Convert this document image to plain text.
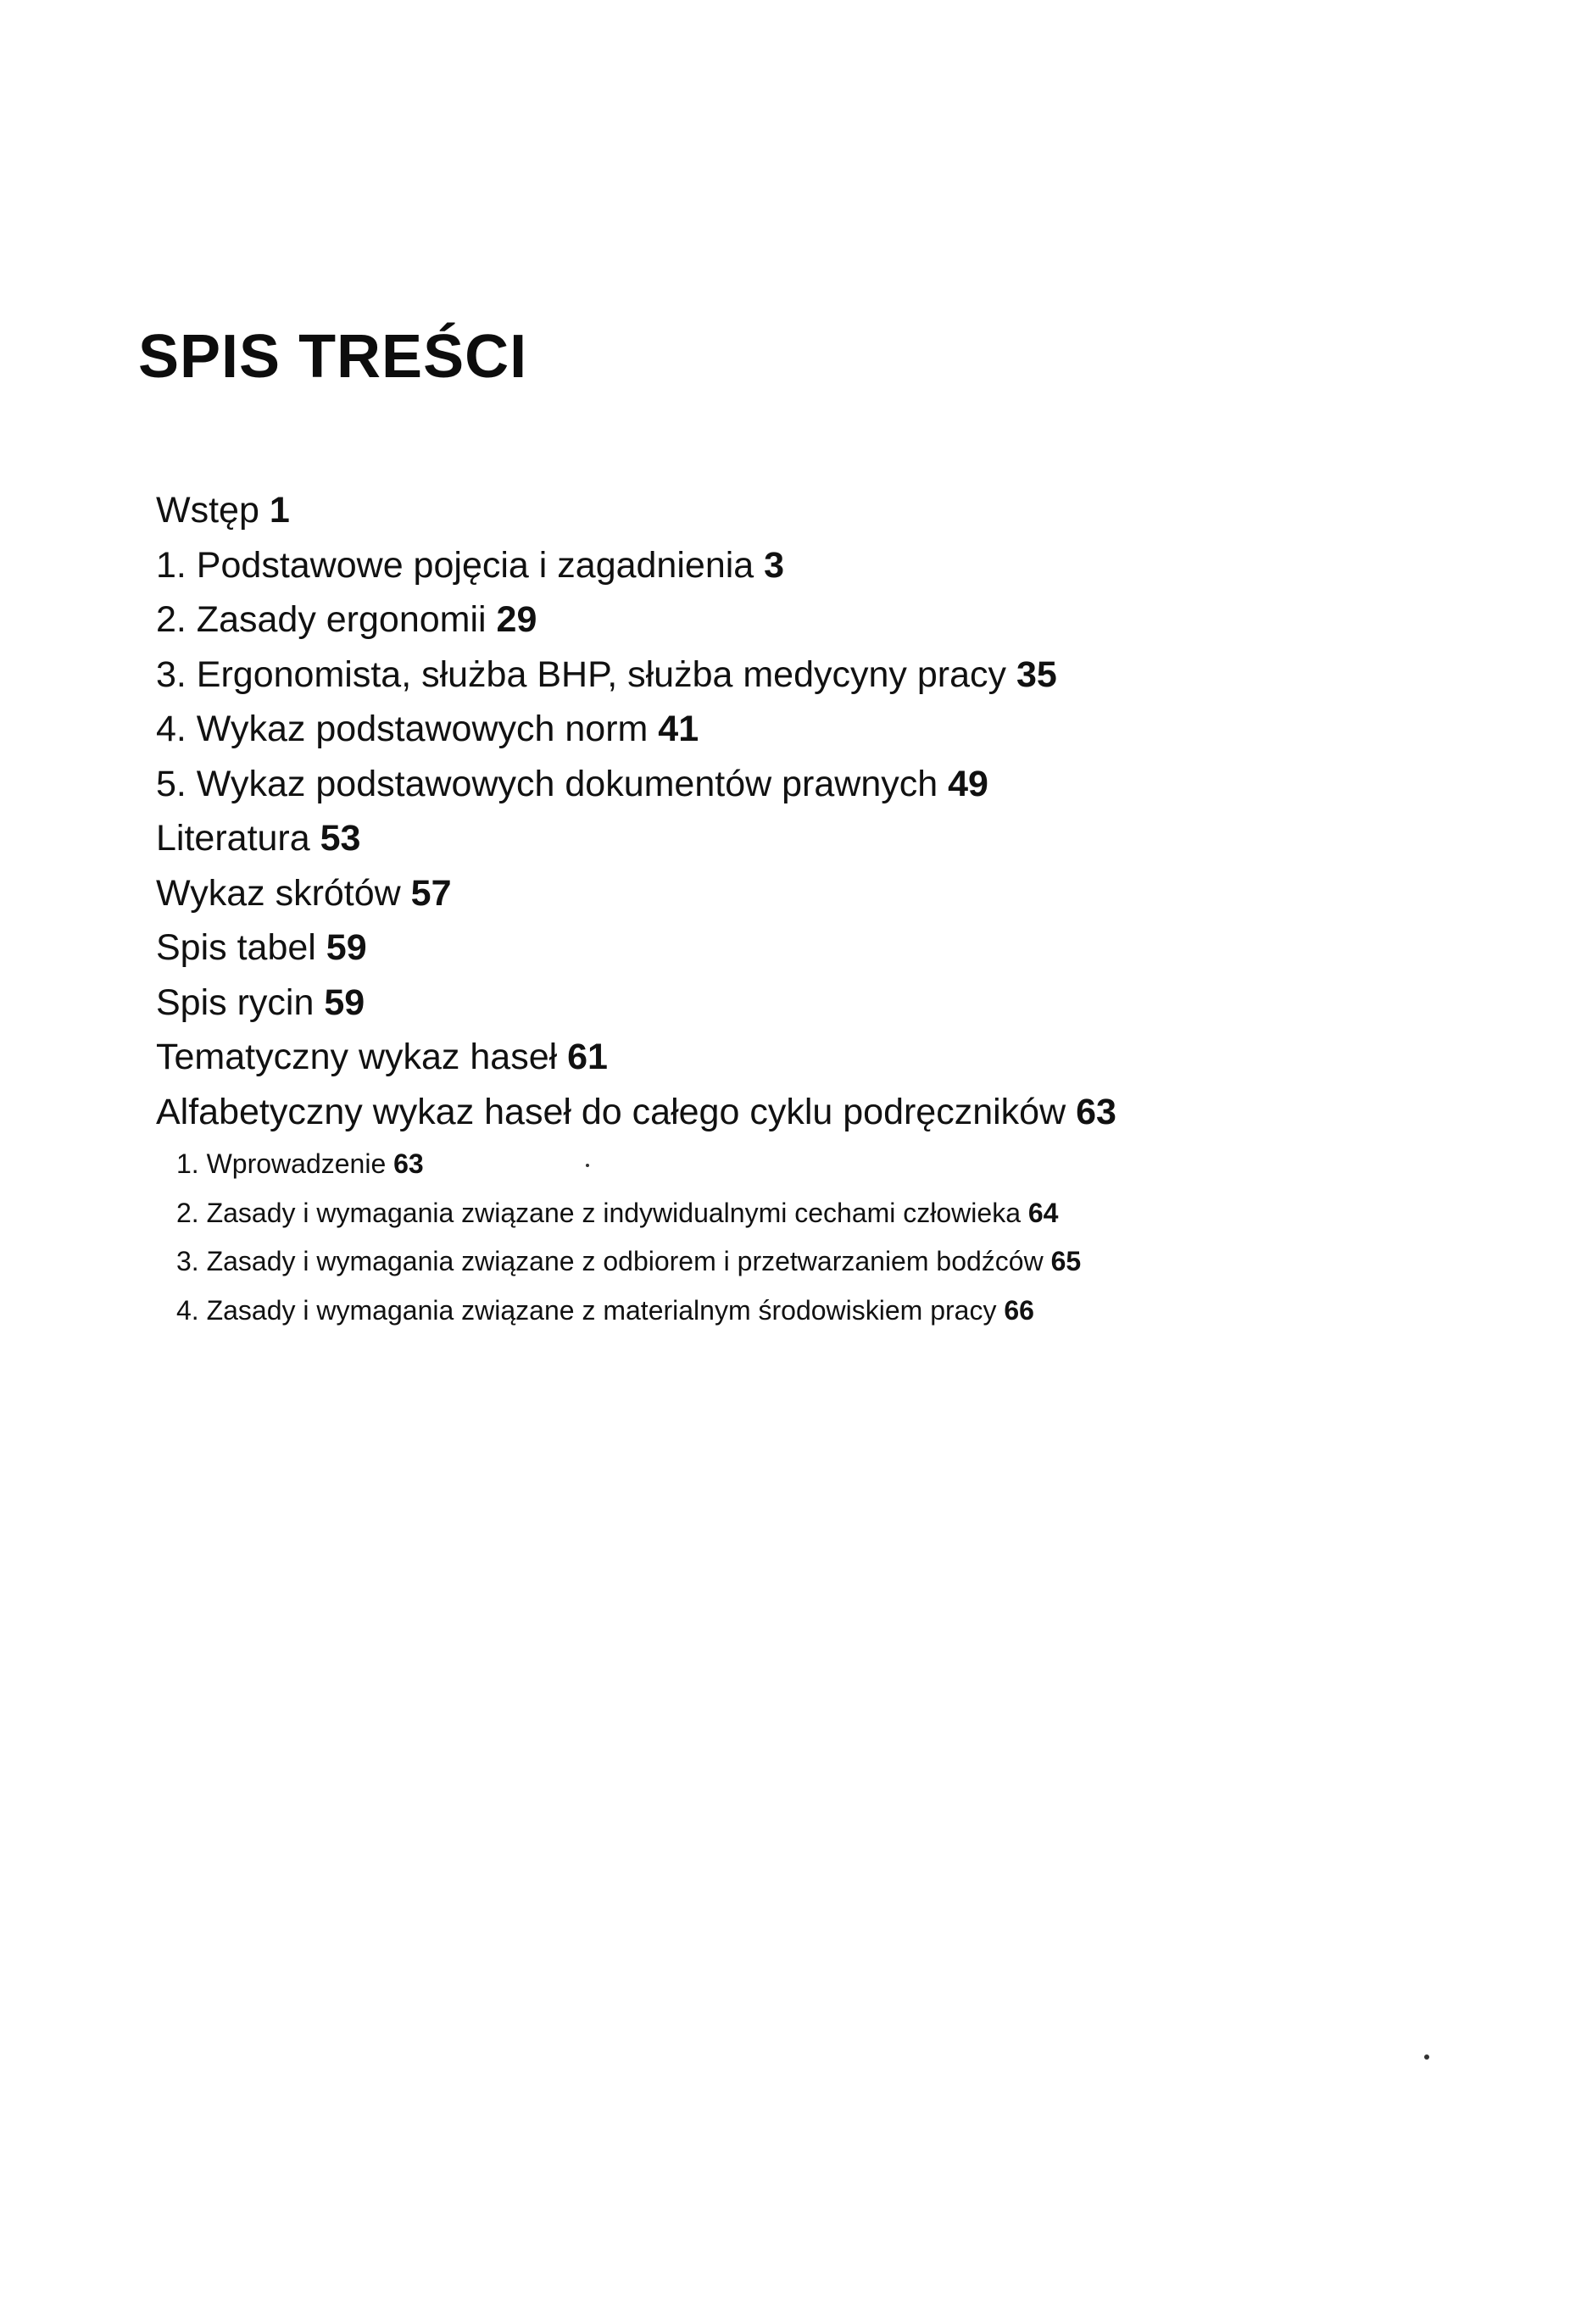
SPIS TREŚCI
Wstęp 1
1. Podstawowe pojęcia i zagadnienia 3
2. Zasady ergonomii 29
3. Ergonomista, służba BHP, służba medycyny pracy 35
4. Wykaz podstawowych norm 41
5. Wykaz podstawowych dokumentów prawnych 49
Literatura 53
Wykaz skrótów 57
Spis tabel 59
Spis rycin 59
Tematyczny wykaz haseł 61
Alfabetyczny wykaz haseł do całego cyklu podręczników 63
1. Wprowadzenie 63
2. Zasady i wymagania związane z indywidualnymi cechami człowieka 64
3. Zasady i wymagania związane z odbiorem i przetwarzaniem bodźców 65
4. Zasady i wymagania związane z materialnym środowiskiem pracy 66
